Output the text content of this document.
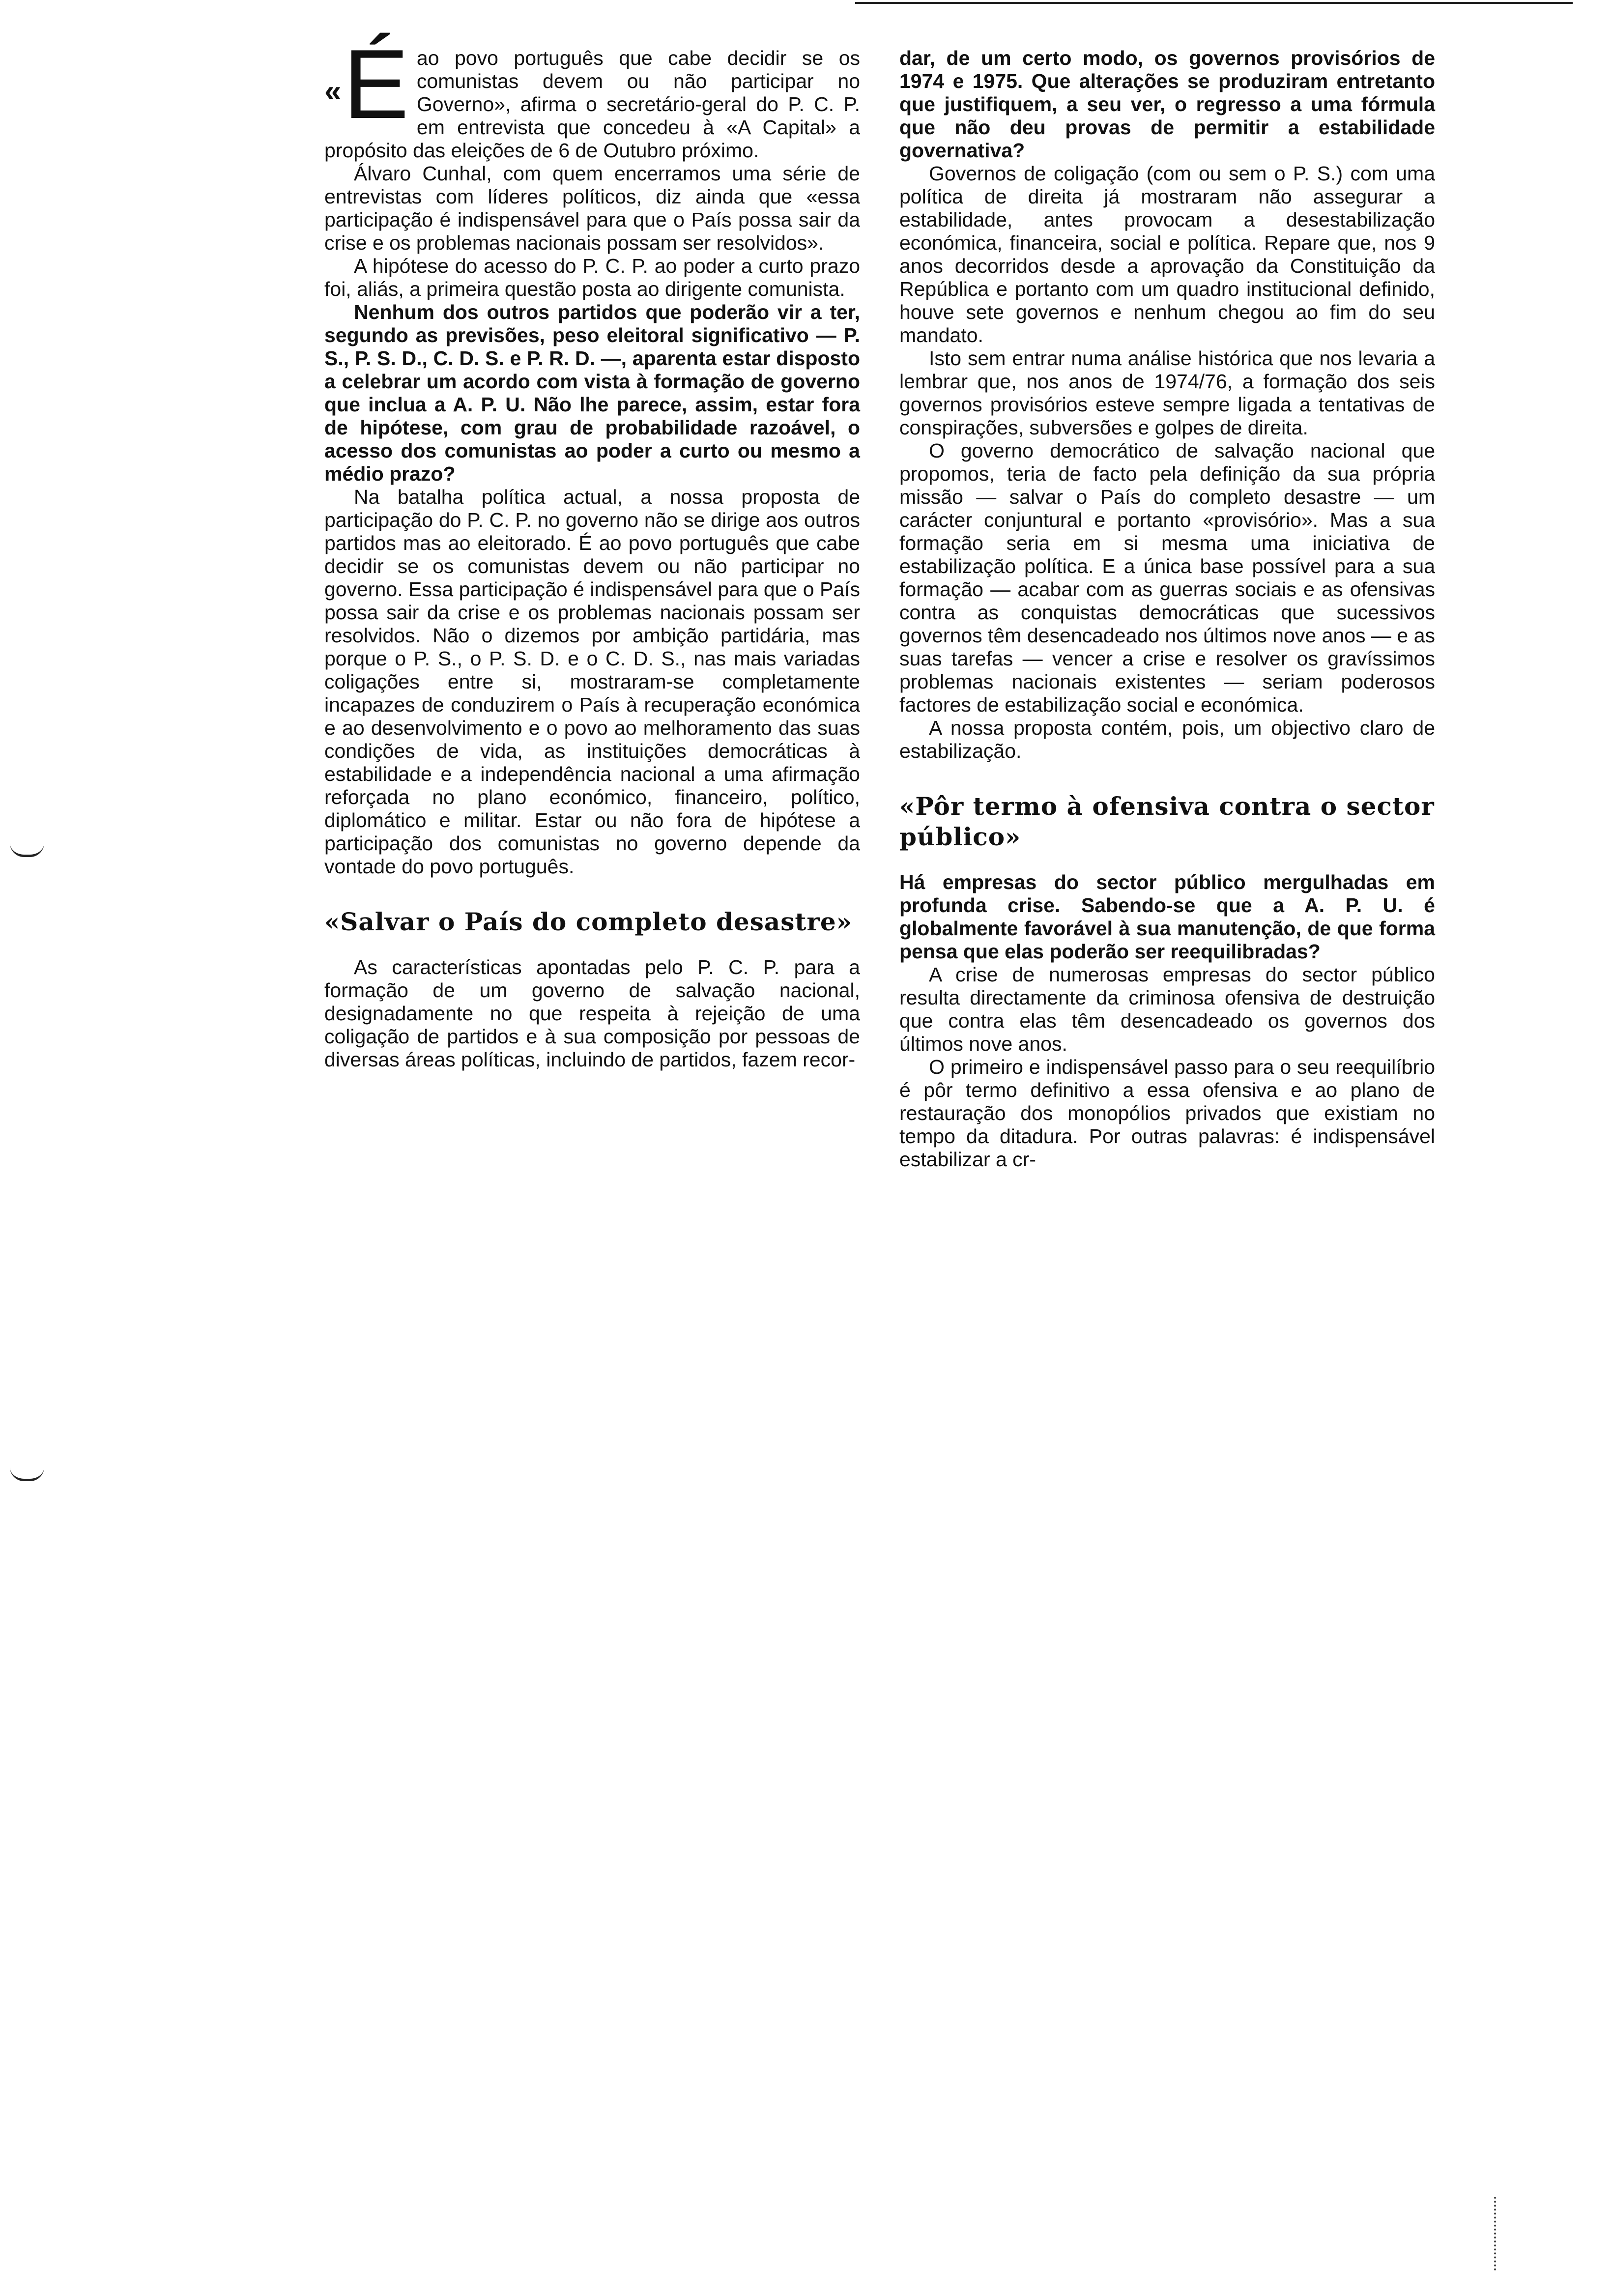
« É ao povo português que cabe decidir se os comunistas devem ou não participar no Governo», afirma o secretário-geral do P. C. P. em entrevista que concedeu à «A Capital» a propósito das eleições de 6 de Outubro próximo.

Álvaro Cunhal, com quem encerramos uma série de entrevistas com líderes políticos, diz ainda que «essa participação é indispensável para que o País possa sair da crise e os problemas nacionais possam ser resolvidos».

A hipótese do acesso do P. C. P. ao poder a curto prazo foi, aliás, a primeira questão posta ao dirigente comunista.

Nenhum dos outros partidos que poderão vir a ter, segundo as previsões, peso eleitoral significativo — P. S., P. S. D., C. D. S. e P. R. D. —, aparenta estar disposto a celebrar um acordo com vista à formação de governo que inclua a A. P. U. Não lhe parece, assim, estar fora de hipótese, com grau de probabilidade razoável, o acesso dos comunistas ao poder a curto ou mesmo a médio prazo?

Na batalha política actual, a nossa proposta de participação do P. C. P. no governo não se dirige aos outros partidos mas ao eleitorado. É ao povo português que cabe decidir se os comunistas devem ou não participar no governo. Essa participação é indispensável para que o País possa sair da crise e os problemas nacionais possam ser resolvidos. Não o dizemos por ambição partidária, mas porque o P. S., o P. S. D. e o C. D. S., nas mais variadas coligações entre si, mostraram-se completamente incapazes de conduzirem o País à recuperação económica e ao desenvolvimento e o povo ao melhoramento das suas condições de vida, as instituições democráticas à estabilidade e a independência nacional a uma afirmação reforçada no plano económico, financeiro, político, diplomático e militar. Estar ou não fora de hipótese a participação dos comunistas no governo depende da vontade do povo português.

«Salvar o País do completo desastre»

As características apontadas pelo P. C. P. para a formação de um governo de salvação nacional, designadamente no que respeita à rejeição de uma coligação de partidos e à sua composição por pessoas de diversas áreas políticas, incluindo de partidos, fazem recor-

dar, de um certo modo, os governos provisórios de 1974 e 1975. Que alterações se produziram entretanto que justifiquem, a seu ver, o regresso a uma fórmula que não deu provas de permitir a estabilidade governativa?

Governos de coligação (com ou sem o P. S.) com uma política de direita já mostraram não assegurar a estabilidade, antes provocam a desestabilização económica, financeira, social e política. Repare que, nos 9 anos decorridos desde a aprovação da Constituição da República e portanto com um quadro institucional definido, houve sete governos e nenhum chegou ao fim do seu mandato.

Isto sem entrar numa análise histórica que nos levaria a lembrar que, nos anos de 1974/76, a formação dos seis governos provisórios esteve sempre ligada a tentativas de conspirações, subversões e golpes de direita.

O governo democrático de salvação nacional que propomos, teria de facto pela definição da sua própria missão — salvar o País do completo desastre — um carácter conjuntural e portanto «provisório». Mas a sua formação seria em si mesma uma iniciativa de estabilização política. E a única base possível para a sua formação — acabar com as guerras sociais e as ofensivas contra as conquistas democráticas que sucessivos governos têm desencadeado nos últimos nove anos — e as suas tarefas — vencer a crise e resolver os gravíssimos problemas nacionais existentes — seriam poderosos factores de estabilização social e económica.

A nossa proposta contém, pois, um objectivo claro de estabilização.

«Pôr termo à ofensiva contra o sector público»

Há empresas do sector público mergulhadas em profunda crise. Sabendo-se que a A. P. U. é globalmente favorável à sua manutenção, de que forma pensa que elas poderão ser reequilibradas?

A crise de numerosas empresas do sector público resulta directamente da criminosa ofensiva de destruição que contra elas têm desencadeado os governos dos últimos nove anos.

O primeiro e indispensável passo para o seu reequilíbrio é pôr termo definitivo a essa ofensiva e ao plano de restauração dos monopólios privados que existiam no tempo da ditadura. Por outras palavras: é indispensável estabilizar a cr-
